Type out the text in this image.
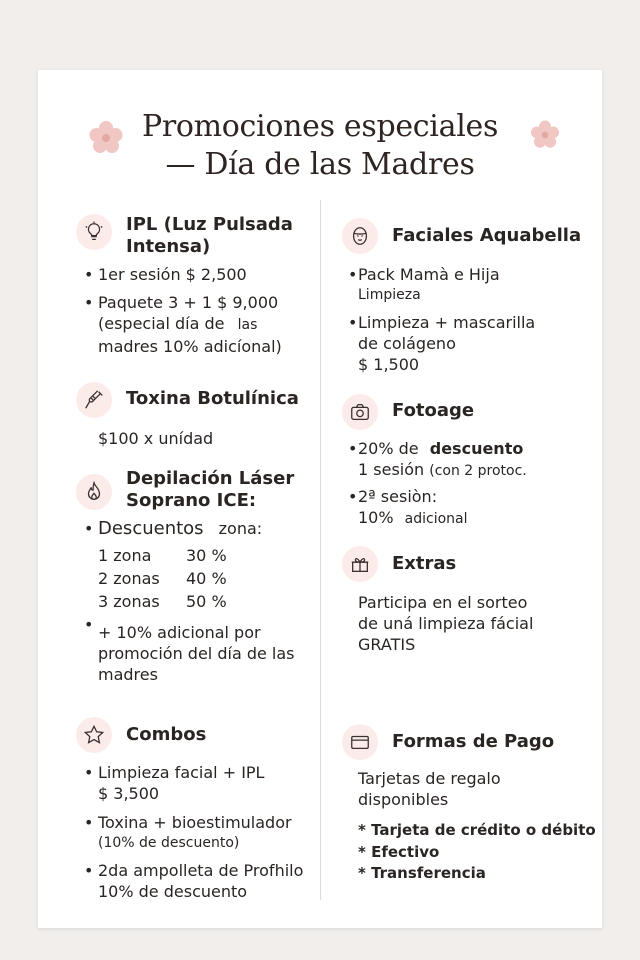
Promociones especiales
— Día de las Madres
IPL (Luz Pulsada
Intensa)
• 1er sesión $ 2,500
• Paquete 3 + 1 $ 9,000
(especial día de las
madres 10% adicíonal)
Toxina Botulínica
$100 x unídad
Depilación Láser
Soprano ICE:
• Descuentos zona:
1 zona	30 %
2 zonas	40 %
3 zonas	50 %
• + 10% adicional por
promoción del día de las
madres
Combos
• Limpieza facial + IPL
$ 3,500
• Toxina + bioestimulador
(10% de descuento)
• 2da ampolleta de Profhilo
10% de descuento
Faciales Aquabella
• Pack Mamà e Hija
Limpieza
• Limpieza + mascarilla
de colágeno
$ 1,500
Fotoage
• 20% de descuento
1 sesión (con 2 protoc.
• 2ª sesiòn:
10% adicional
Extras
Participa en el sorteo
de uná limpieza fácial
GRATIS
Formas de Pago
Tarjetas de regalo
disponibles
* Tarjeta de crédito o débito
* Efectivo
* Transferencia
